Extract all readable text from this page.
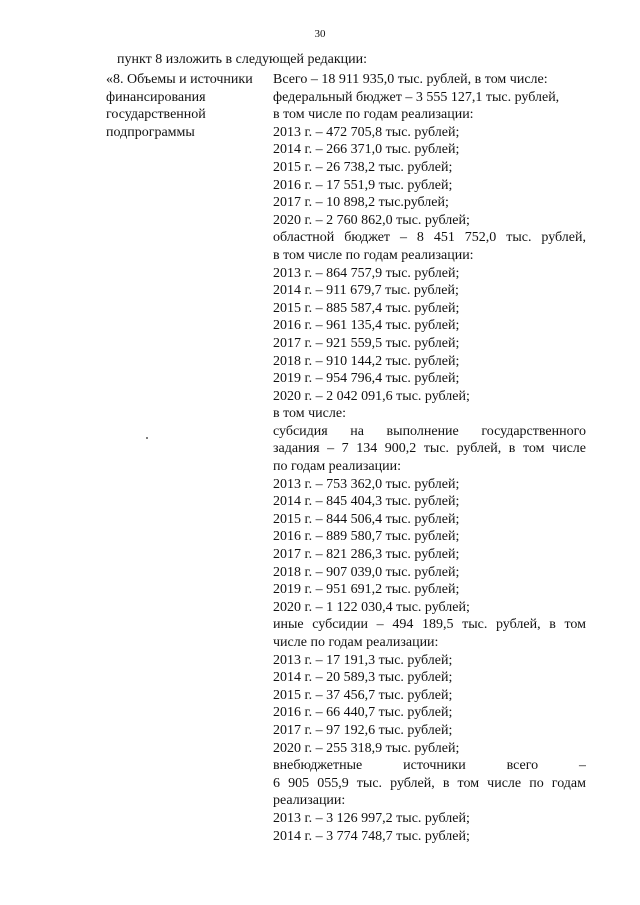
30
пункт 8 изложить в следующей редакции:
«8. Объемы и источники
финансирования
государственной
подпрограммы
Всего – 18 911 935,0 тыс. рублей, в том числе:
федеральный бюджет – 3 555 127,1 тыс. рублей,
в том числе по годам реализации:
2013 г. – 472 705,8 тыс. рублей;
2014 г. – 266 371,0 тыс. рублей;
2015 г. – 26 738,2 тыс. рублей;
2016 г. – 17 551,9 тыс. рублей;
2017 г. – 10 898,2 тыс.рублей;
2020 г. – 2 760 862,0 тыс. рублей;
областной бюджет – 8 451 752,0 тыс. рублей,
в том числе по годам реализации:
2013 г. – 864 757,9 тыс. рублей;
2014 г. – 911 679,7 тыс. рублей;
2015 г. – 885 587,4 тыс. рублей;
2016 г. – 961 135,4 тыс. рублей;
2017 г. – 921 559,5 тыс. рублей;
2018 г. – 910 144,2 тыс. рублей;
2019 г. – 954 796,4 тыс. рублей;
2020 г. – 2 042 091,6 тыс. рублей;
в том числе:
субсидия на выполнение государственного
задания – 7 134 900,2 тыс. рублей, в том числе
по годам реализации:
2013 г. – 753 362,0 тыс. рублей;
2014 г. – 845 404,3 тыс. рублей;
2015 г. – 844 506,4 тыс. рублей;
2016 г. – 889 580,7 тыс. рублей;
2017 г. – 821 286,3 тыс. рублей;
2018 г. – 907 039,0 тыс. рублей;
2019 г. – 951 691,2 тыс. рублей;
2020 г. – 1 122 030,4 тыс. рублей;
иные субсидии – 494 189,5 тыс. рублей, в том
числе по годам реализации:
2013 г. – 17 191,3 тыс. рублей;
2014 г. – 20 589,3 тыс. рублей;
2015 г. – 37 456,7 тыс. рублей;
2016 г. – 66 440,7 тыс. рублей;
2017 г. – 97 192,6 тыс. рублей;
2020 г. – 255 318,9 тыс. рублей;
внебюджетные источники всего –
6 905 055,9 тыс. рублей, в том числе по годам
реализации:
2013 г. – 3 126 997,2 тыс. рублей;
2014 г. – 3 774 748,7 тыс. рублей;
